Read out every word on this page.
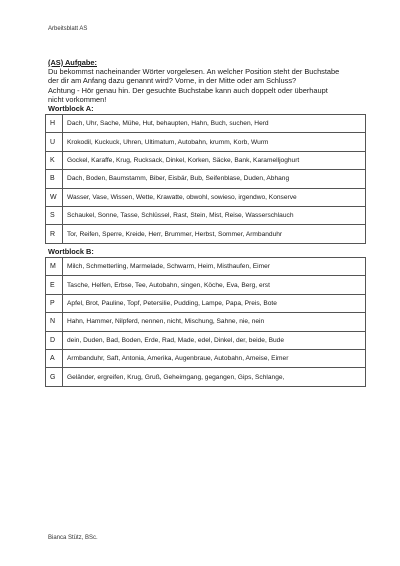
Arbeitsblatt AS
(AS) Aufgabe:
Du bekommst nacheinander Wörter vorgelesen. An welcher Position steht der Buchstabe
der dir am Anfang dazu genannt wird? Vorne, in der Mitte oder am Schluss?
Achtung - Hör genau hin. Der gesuchte Buchstabe kann auch doppelt oder überhaupt
nicht vorkommen!
Wortblock A:
H	Dach, Uhr, Sache, Mühe, Hut, behaupten, Hahn, Buch, suchen, Herd
U	Krokodil, Kuckuck, Uhren, Ultimatum, Autobahn, krumm, Korb, Wurm
K	Gockel, Karaffe, Krug, Rucksack, Dinkel, Korken, Säcke, Bank, Karamelljoghurt
B	Dach, Boden, Baumstamm, Biber, Eisbär, Bub, Seifenblase, Duden, Abhang
W	Wasser, Vase, Wissen, Wette, Krawatte, obwohl, sowieso, irgendwo, Konserve
S	Schaukel, Sonne, Tasse, Schlüssel, Rast, Stein, Mist, Reise, Wasserschlauch
R	Tor, Reifen, Sperre, Kreide, Herr, Brummer, Herbst, Sommer, Armbanduhr
Wortblock B:
M	Milch, Schmetterling, Marmelade, Schwarm, Heim, Misthaufen, Eimer
E	Tasche, Helfen, Erbse, Tee, Autobahn, singen, Köche, Eva, Berg, erst
P	Apfel, Brot, Pauline, Topf, Petersilie, Pudding, Lampe, Papa, Preis, Bote
N	Hahn, Hammer, Nilpferd, nennen, nicht, Mischung, Sahne, nie, nein
D	dein, Duden, Bad, Boden, Erde, Rad, Made, edel, Dinkel, der, beide, Bude
A	Armbanduhr, Saft, Antonia, Amerika, Augenbraue, Autobahn, Ameise, Eimer
G	Geländer, ergreifen, Krug, Gruß, Geheimgang, gegangen, Gips, Schlange,
Bianca Stütz, BSc.
